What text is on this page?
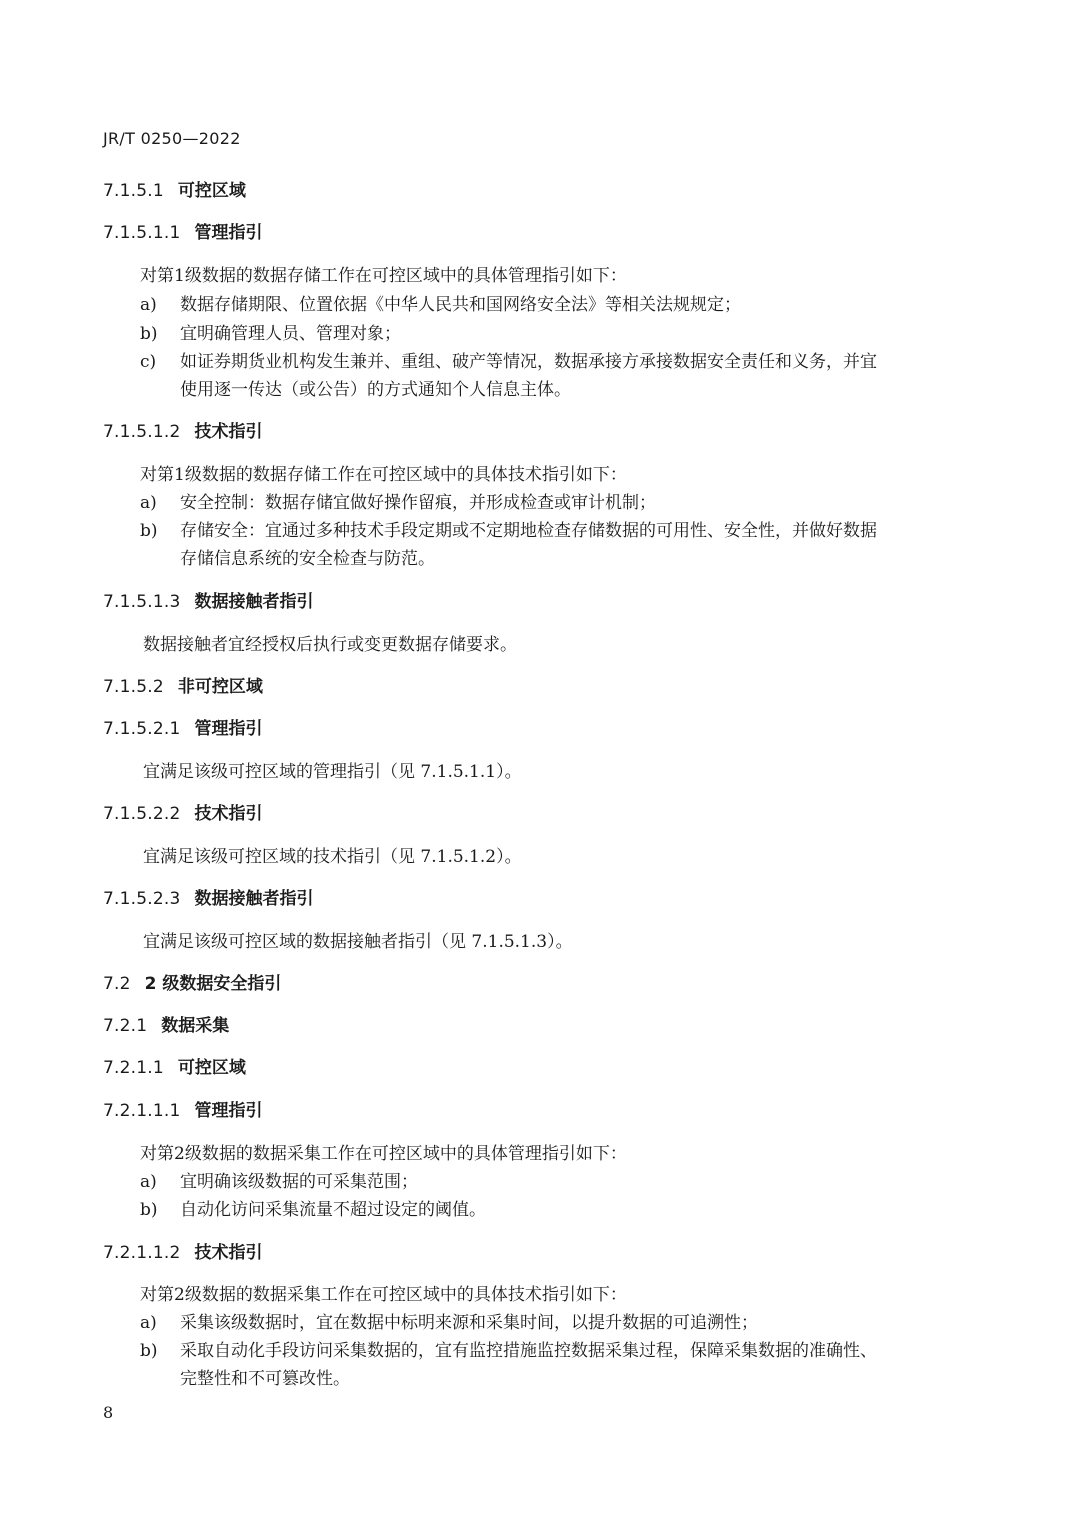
JR/T 0250—2022
7.1.5.1 可控区域
7.1.5.1.1 管理指引
对第1级数据的数据存储工作在可控区域中的具体管理指引如下：
a) 数据存储期限、位置依据《中华人民共和国网络安全法》等相关法规规定；
b) 宜明确管理人员、管理对象；
c) 如证券期货业机构发生兼并、重组、破产等情况，数据承接方承接数据安全责任和义务，并宜
使用逐一传达（或公告）的方式通知个人信息主体。
7.1.5.1.2 技术指引
对第1级数据的数据存储工作在可控区域中的具体技术指引如下：
a) 安全控制：数据存储宜做好操作留痕，并形成检查或审计机制；
b) 存储安全：宜通过多种技术手段定期或不定期地检查存储数据的可用性、安全性，并做好数据
存储信息系统的安全检查与防范。
7.1.5.1.3 数据接触者指引
数据接触者宜经授权后执行或变更数据存储要求。
7.1.5.2 非可控区域
7.1.5.2.1 管理指引
宜满足该级可控区域的管理指引（见 7.1.5.1.1）。
7.1.5.2.2 技术指引
宜满足该级可控区域的技术指引（见 7.1.5.1.2）。
7.1.5.2.3 数据接触者指引
宜满足该级可控区域的数据接触者指引（见 7.1.5.1.3）。
7.2 2 级数据安全指引
7.2.1 数据采集
7.2.1.1 可控区域
7.2.1.1.1 管理指引
对第2级数据的数据采集工作在可控区域中的具体管理指引如下：
a) 宜明确该级数据的可采集范围；
b) 自动化访问采集流量不超过设定的阈值。
7.2.1.1.2 技术指引
对第2级数据的数据采集工作在可控区域中的具体技术指引如下：
a) 采集该级数据时，宜在数据中标明来源和采集时间，以提升数据的可追溯性；
b) 采取自动化手段访问采集数据的，宜有监控措施监控数据采集过程，保障采集数据的准确性、
完整性和不可篡改性。
8
